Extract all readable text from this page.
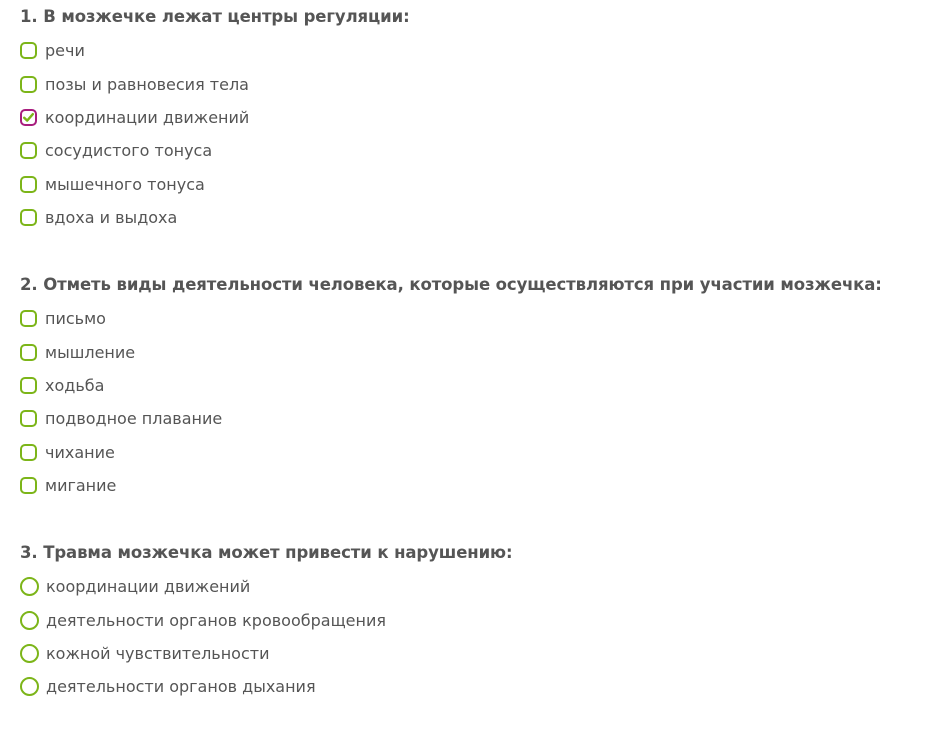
1. В мозжечке лежат центры регуляции:
речи
позы и равновесия тела
координации движений
сосудистого тонуса
мышечного тонуса
вдоха и выдоха
2. Отметь виды деятельности человека, которые осуществляются при участии мозжечка:
письмо
мышление
ходьба
подводное плавание
чихание
мигание
3. Травма мозжечка может привести к нарушению:
координации движений
деятельности органов кровообращения
кожной чувствительности
деятельности органов дыхания
